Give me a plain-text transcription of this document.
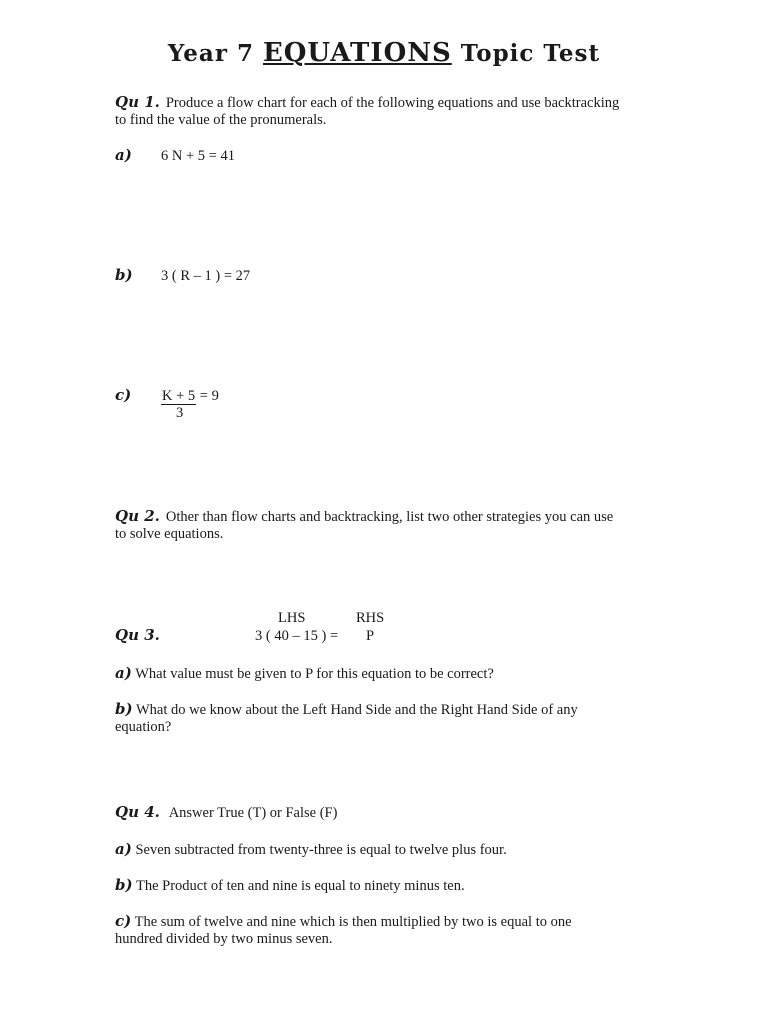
Year 7 EQUATIONS Topic Test
Qu 1. Produce a flow chart for each of the following equations and use backtracking
to find the value of the pronumerals.
a) 6 N + 5 = 41
b) 3 ( R – 1 ) = 27
c) K + 5 = 9
3
Qu 2. Other than flow charts and backtracking, list two other strategies you can use
to solve equations.
LHS	RHS
Qu 3.	3 ( 40 – 15 ) = P
a) What value must be given to P for this equation to be correct?
b) What do we know about the Left Hand Side and the Right Hand Side of any
equation?
Qu 4. Answer True (T) or False (F)
a) Seven subtracted from twenty-three is equal to twelve plus four.
b) The Product of ten and nine is equal to ninety minus ten.
c) The sum of twelve and nine which is then multiplied by two is equal to one
hundred divided by two minus seven.
